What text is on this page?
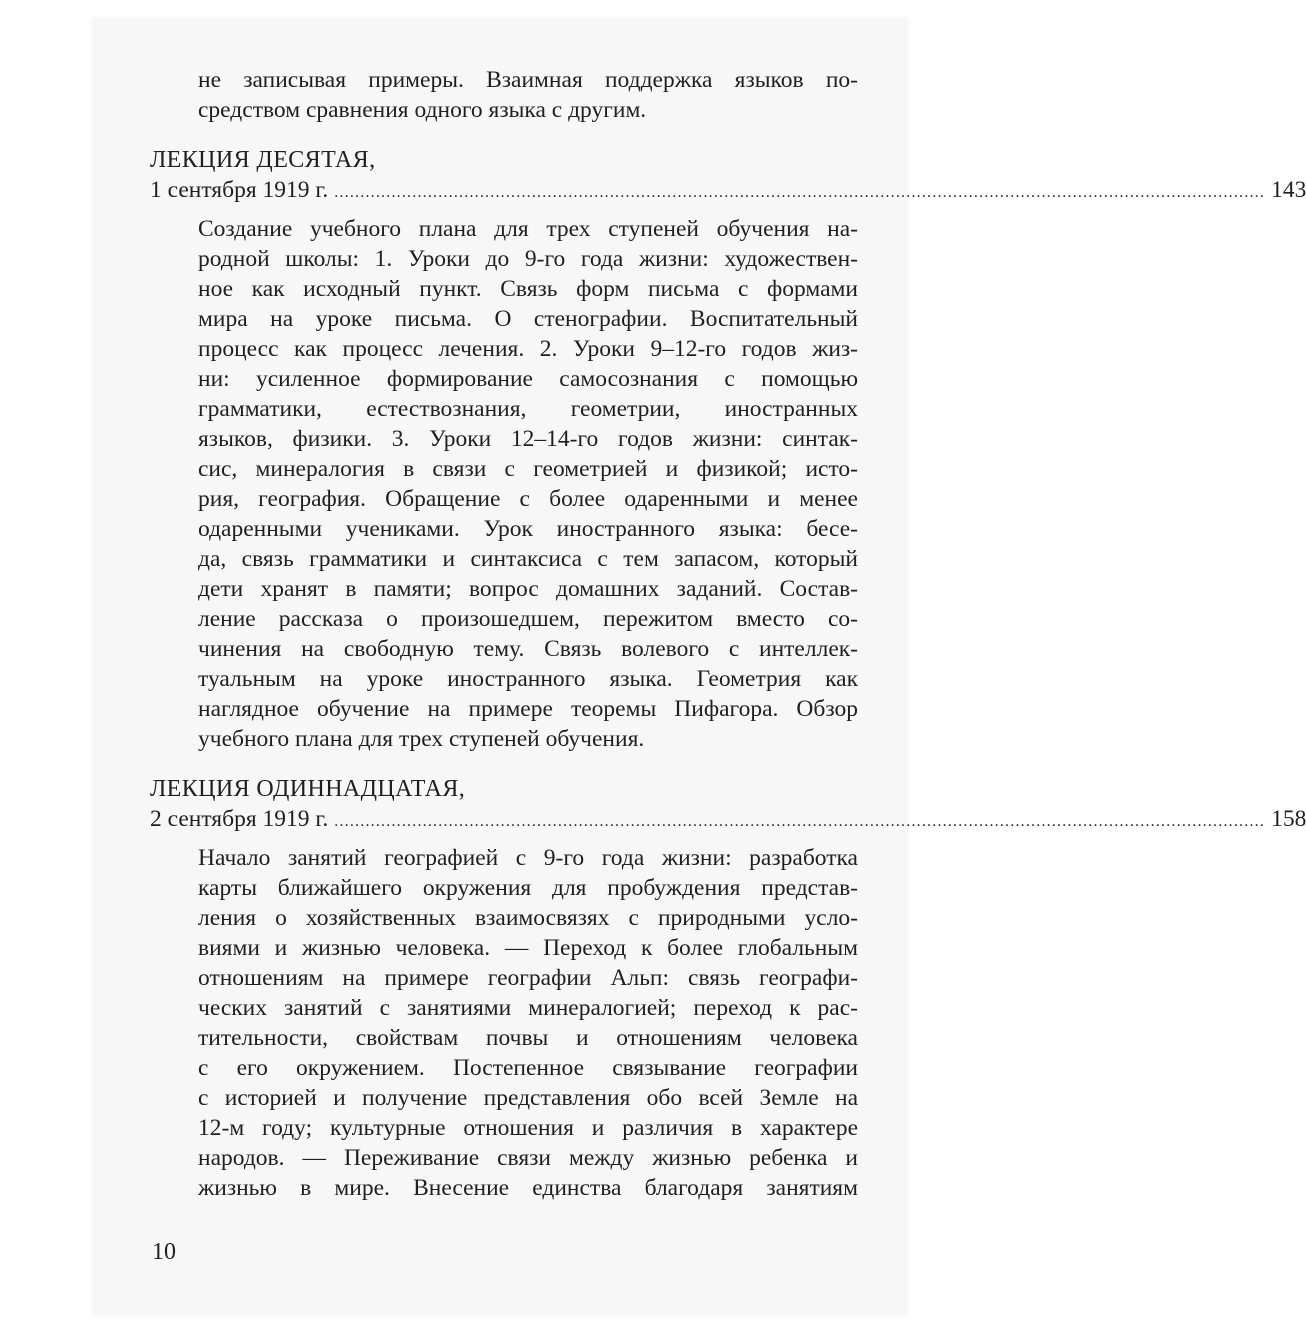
не записывая примеры. Взаимная поддержка языков по-
средством сравнения одного языка с другим.
ЛЕКЦИЯ ДЕСЯТАЯ,
1 сентября 1919 г. ................................................................................................................................................................................... 143
Создание учебного плана для трех ступеней обучения на-
родной школы: 1. Уроки до 9-го года жизни: художествен-
ное как исходный пункт. Связь форм письма с формами
мира на уроке письма. О стенографии. Воспитательный
процесс как процесс лечения. 2. Уроки 9–12-го годов жиз-
ни: усиленное формирование самосознания с помощью
грамматики, естествознания, геометрии, иностранных
языков, физики. 3. Уроки 12–14-го годов жизни: синтак-
сис, минералогия в связи с геометрией и физикой; исто-
рия, география. Обращение с более одаренными и менее
одаренными учениками. Урок иностранного языка: бесе-
да, связь грамматики и синтаксиса с тем запасом, который
дети хранят в памяти; вопрос домашних заданий. Состав-
ление рассказа о произошедшем, пережитом вместо со-
чинения на свободную тему. Связь волевого с интеллек-
туальным на уроке иностранного языка. Геометрия как
наглядное обучение на примере теоремы Пифагора. Обзор
учебного плана для трех ступеней обучения.
ЛЕКЦИЯ ОДИННАДЦАТАЯ,
2 сентября 1919 г. ................................................................................................................................................................................... 158
Начало занятий географией с 9-го года жизни: разработка
карты ближайшего окружения для пробуждения представ-
ления о хозяйственных взаимосвязях с природными усло-
виями и жизнью человека. — Переход к более глобальным
отношениям на примере географии Альп: связь географи-
ческих занятий с занятиями минералогией; переход к рас-
тительности, свойствам почвы и отношениям человека
с его окружением. Постепенное связывание географии
с историей и получение представления обо всей Земле на
12-м году; культурные отношения и различия в характере
народов. — Переживание связи между жизнью ребенка и
жизнью в мире. Внесение единства благодаря занятиям
10
